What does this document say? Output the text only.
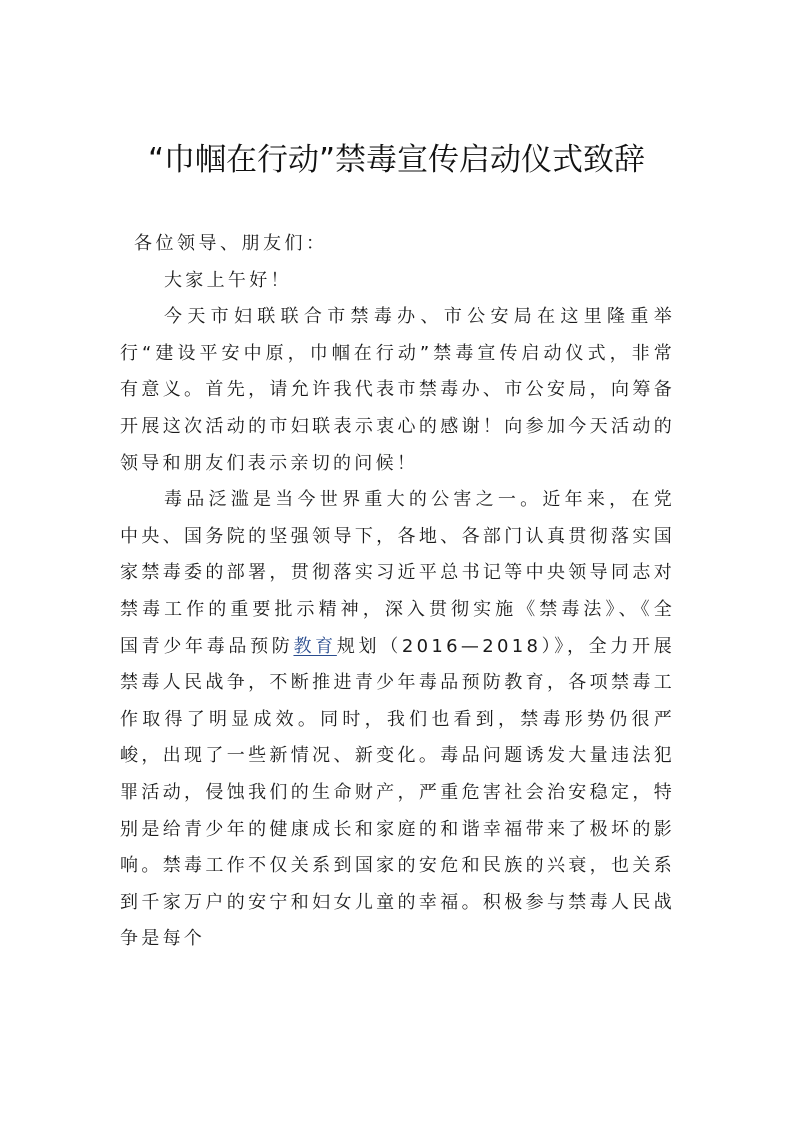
“巾帼在行动”禁毒宣传启动仪式致辞

各位领导、朋友们：

大家上午好！

今天市妇联联合市禁毒办、市公安局在这里隆重举行“建设平安中原，巾帼在行动”禁毒宣传启动仪式，非常有意义。首先，请允许我代表市禁毒办、市公安局，向筹备开展这次活动的市妇联表示衷心的感谢！向参加今天活动的领导和朋友们表示亲切的问候！

毒品泛滥是当今世界重大的公害之一。近年来，在党中央、国务院的坚强领导下，各地、各部门认真贯彻落实国家禁毒委的部署，贯彻落实习近平总书记等中央领导同志对禁毒工作的重要批示精神，深入贯彻实施《禁毒法》、《全国青少年毒品预防教育规划（2016—2018）》，全力开展禁毒人民战争，不断推进青少年毒品预防教育，各项禁毒工作取得了明显成效。同时，我们也看到，禁毒形势仍很严峻，出现了一些新情况、新变化。毒品问题诱发大量违法犯罪活动，侵蚀我们的生命财产，严重危害社会治安稳定，特别是给青少年的健康成长和家庭的和谐幸福带来了极坏的影响。禁毒工作不仅关系到国家的安危和民族的兴衰，也关系到千家万户的安宁和妇女儿童的幸福。积极参与禁毒人民战争是每个
